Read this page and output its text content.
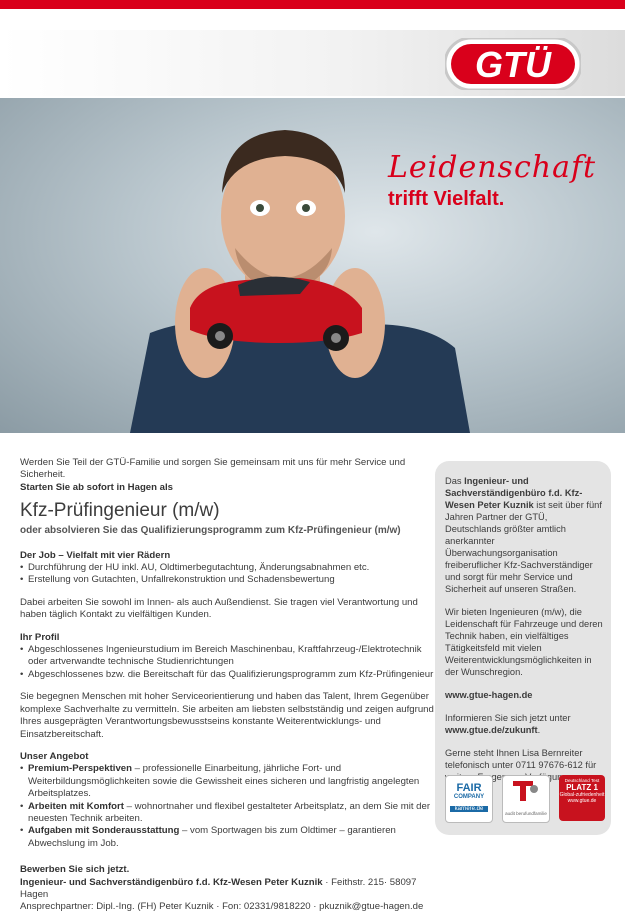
GTÜ
Leidenschaft
trifft Vielfalt.

Werden Sie Teil der GTÜ-Familie und sorgen Sie gemeinsam mit uns für mehr Service und Sicherheit.

Starten Sie ab sofort in Hagen als

Kfz-Prüfingenieur (m/w)
oder absolvieren Sie das Qualifizierungsprogramm zum Kfz-Prüfingenieur (m/w)
Der Job – Vielfalt mit vier Rädern
• Durchführung der HU inkl. AU, Oldtimerbegutachtung, Änderungsabnahmen etc.
• Erstellung von Gutachten, Unfallrekonstruktion und Schadensbewertung

Dabei arbeiten Sie sowohl im Innen- als auch Außendienst. Sie tragen viel Verantwortung und haben täglich Kontakt zu vielfältigen Kunden.

Ihr Profil
• Abgeschlossenes Ingenieurstudium im Bereich Maschinenbau, Kraftfahrzeug-/Elektrotechnik oder artverwandte technische Studienrichtungen
• Abgeschlossenes bzw. die Bereitschaft für das Qualifizierungsprogramm zum Kfz-Prüfingenieur

Sie begegnen Menschen mit hoher Serviceorientierung und haben das Talent, Ihrem Gegenüber komplexe Sachverhalte zu vermitteln. Sie arbeiten am liebsten selbstständig und zeigen aufgrund Ihres ausgeprägten Verantwortungsbewusstseins konstante Weiterentwicklungs- und Einsatzbereitschaft.

Unser Angebot
• Premium-Perspektiven – professionelle Einarbeitung, jährliche Fort- und Weiterbildungsmöglichkeiten sowie die Gewissheit eines sicheren und langfristig angelegten Arbeitsplatzes.
• Arbeiten mit Komfort – wohnortnaher und flexibel gestalteter Arbeitsplatz, an dem Sie mit der neuesten Technik arbeiten.
• Aufgaben mit Sonderausstattung – vom Sportwagen bis zum Oldtimer – garantieren Abwechslung im Job.
Bewerben Sie sich jetzt.

Ingenieur- und Sachverständigenbüro f.d. Kfz-Wesen Peter Kuznik · Feithstr. 215· 58097 Hagen

Ansprechpartner: Dipl.-Ing. (FH) Peter Kuznik · Fon: 02331/9818220 · pkuznik@gtue-hagen.de

Das Ingenieur- und Sachverständigenbüro f.d. Kfz-Wesen Peter Kuznik ist seit über fünf Jahren Partner der GTÜ, Deutschlands größter amtlich anerkannter Überwachungsorganisation freiberuflicher Kfz-Sachverständiger und sorgt für mehr Service und Sicherheit auf unseren Straßen.

Wir bieten Ingenieuren (m/w), die Leidenschaft für Fahrzeuge und deren Technik haben, ein vielfältiges Tätigkeitsfeld mit vielen Weiterentwicklungsmöglichkeiten in der Wunschregion.

www.gtue-hagen.de

Informieren Sie sich jetzt unter
www.gtue.de/zukunft.

Gerne steht Ihnen Lisa Bernreiter telefonisch unter 0711 97676-612 für

FAIR
COMPANY
karriere.de
audit berufundfamilie
Deutschland Test
PLATZ 1
Global-zufriedenheit
www.gtue.de
